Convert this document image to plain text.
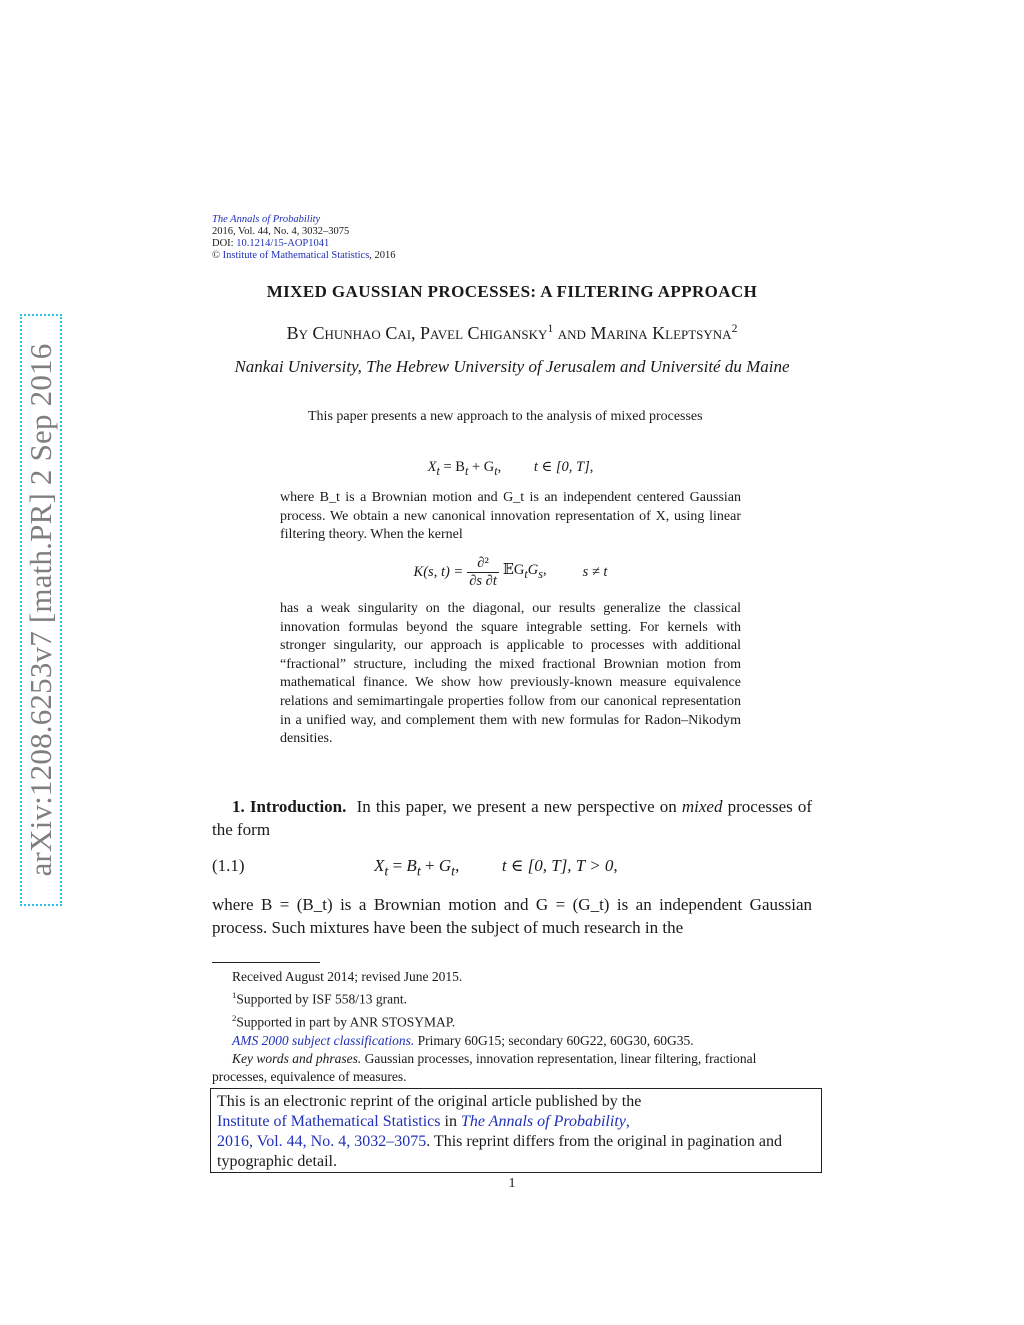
arXiv:1208.6253v7 [math.PR] 2 Sep 2016
The Annals of Probability
2016, Vol. 44, No. 4, 3032–3075
DOI: 10.1214/15-AOP1041
© Institute of Mathematical Statistics, 2016
MIXED GAUSSIAN PROCESSES: A FILTERING APPROACH
By Chunhao Cai, Pavel Chigansky$^1$ and Marina Kleptsyna$^2$
Nankai University, The Hebrew University of Jerusalem and Université du Maine
This paper presents a new approach to the analysis of mixed processes
$X_t = B_t + G_t$,         t ∈ [0, T],
where B_t is a Brownian motion and G_t is an independent centered Gaussian process. We obtain a new canonical innovation representation of X, using linear filtering theory. When the kernel
K(s, t) =
∂²
∂s ∂t
$𝔼G_tG_s$, s ≠ t
has a weak singularity on the diagonal, our results generalize the classical innovation formulas beyond the square integrable setting. For kernels with stronger singularity, our approach is applicable to processes with additional “fractional” structure, including the mixed fractional Brownian motion from mathematical finance. We show how previously-known measure equivalence relations and semimartingale properties follow from our canonical representation in a unified way, and complement them with new formulas for Radon–Nikodym densities.
1. Introduction. In this paper, we present a new perspective on mixed processes of the form
(1.1)	$X_t = B_t + G_t$,          t ∈ [0, T], T > 0,
where B = (B_t) is a Brownian motion and G = (G_t) is an independent Gaussian process. Such mixtures have been the subject of much research in the
Received August 2014; revised June 2015.
$^1$Supported by ISF 558/13 grant.
$^2$Supported in part by ANR STOSYMAP.
AMS 2000 subject classifications. Primary 60G15; secondary 60G22, 60G30, 60G35.
Key words and phrases. Gaussian processes, innovation representation, linear filtering, fractional processes, equivalence of measures.
This is an electronic reprint of the original article published by the
Institute of Mathematical Statistics in The Annals of Probability,
2016, Vol. 44, No. 4, 3032–3075. This reprint differs from the original in pagination and typographic detail.
1
